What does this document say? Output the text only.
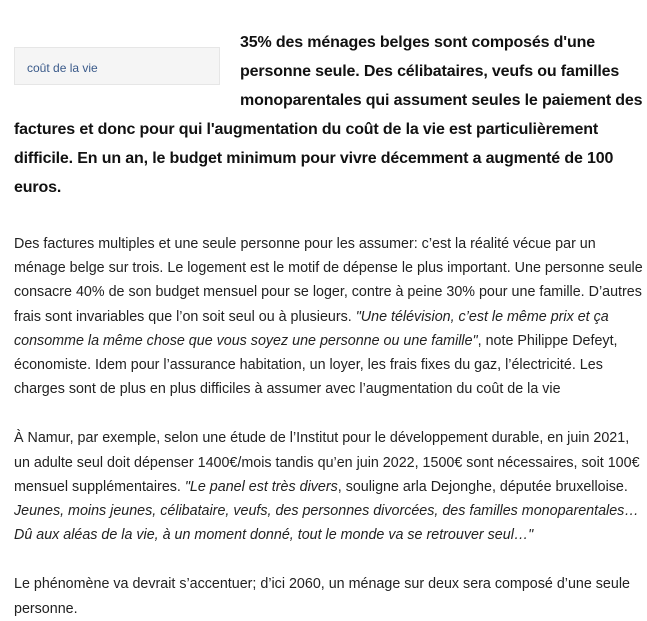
coût de la vie

35% des ménages belges sont composés d'une personne seule. Des célibataires, veufs ou familles monoparentales qui assument seules le paiement des factures et donc pour qui l'augmentation du coût de la vie est particulièrement difficile. En un an, le budget minimum pour vivre décemment a augmenté de 100 euros.

Des factures multiples et une seule personne pour les assumer: c’est la réalité vécue par un ménage belge sur trois. Le logement est le motif de dépense le plus important. Une personne seule consacre 40% de son budget mensuel pour se loger, contre à peine 30% pour une famille. D’autres frais sont invariables que l’on soit seul ou à plusieurs. "Une télévision, c’est le même prix et ça consomme la même chose que vous soyez une personne ou une famille", note Philippe Defeyt, économiste. Idem pour l’assurance habitation, un loyer, les frais fixes du gaz, l’électricité. Les charges sont de plus en plus difficiles à assumer avec l’augmentation du coût de la vie

À Namur, par exemple, selon une étude de l’Institut pour le développement durable, en juin 2021, un adulte seul doit dépenser 1400€/mois tandis qu’en juin 2022, 1500€ sont nécessaires, soit 100€ mensuel supplémentaires. "Le panel est très divers, souligne arla Dejonghe, députée bruxelloise. Jeunes, moins jeunes, célibataire, veufs, des personnes divorcées, des familles monoparentales… Dû aux aléas de la vie, à un moment donné, tout le monde va se retrouver seul…"

Le phénomène va devrait s’accentuer; d’ici 2060, un ménage sur deux sera composé d’une seule personne.
